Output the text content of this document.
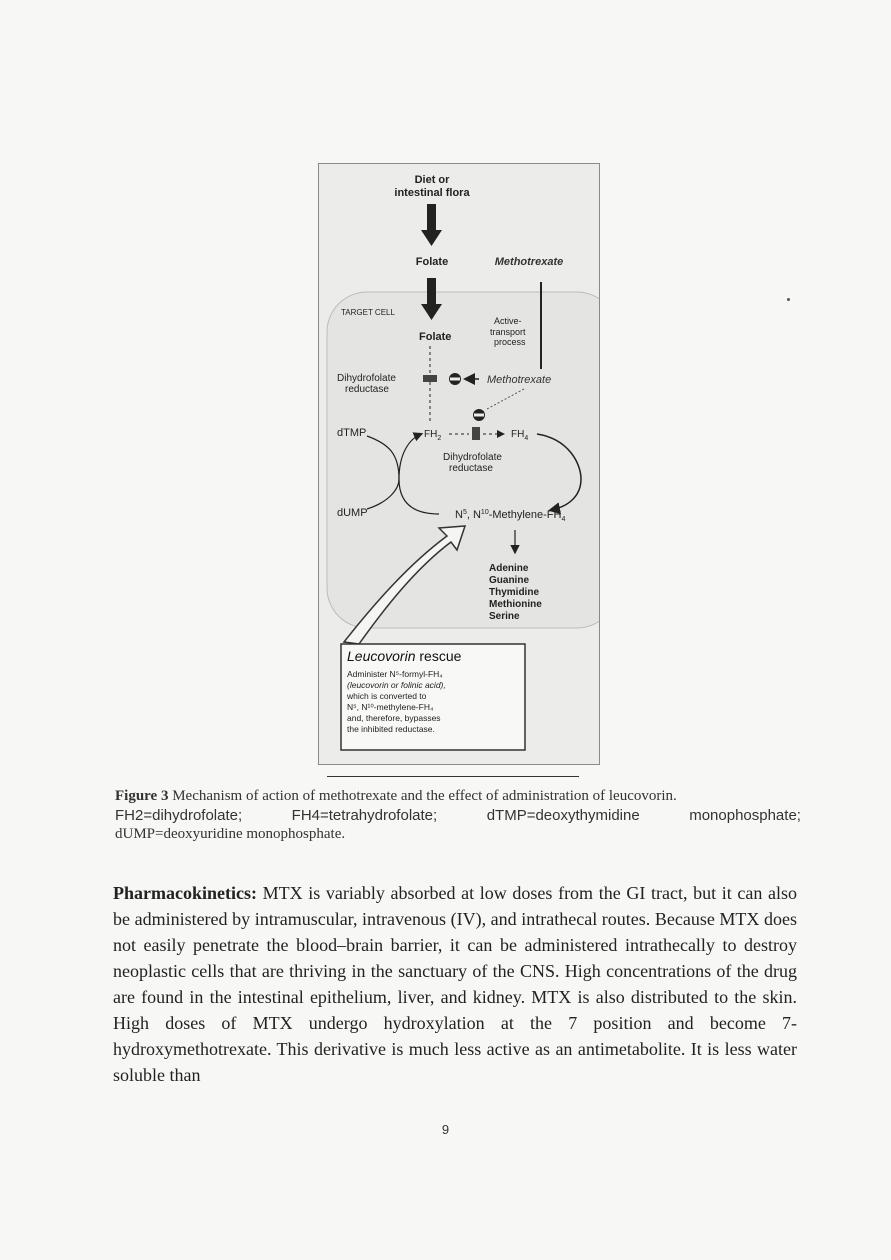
Diet or
intestinal flora
Folate	Methotrexate
TARGET CELL
Folate
Active-
transport
process
Dihydrofolate
reductase
Methotrexate
dTMP
dUMP
$FH_2$	$FH_4$
Dihydrofolate
reductase
$N^5$, $N^{10}-Methylene-FH_4$
Adenine
Guanine
Thymidine
Methionine
Serine
Leucovorin rescue
Administer N⁵-formyl-FH₄
(leucovorin or folinic acid),
which is converted to
N⁵, N¹⁰-methylene-FH₄
and, therefore, bypasses
the inhibited reductase.
Figure 3 Mechanism of action of methotrexate and the effect of administration of leucovorin.
FH2=dihydrofolate;	FH4=tetrahydrofolate;	dTMP=deoxythymidine	monophosphate;
dUMP=deoxyuridine monophosphate.
Pharmacokinetics: MTX is variably absorbed at low doses from the GI tract, but it can also be administered by intramuscular, intravenous (IV), and intrathecal routes. Because MTX does not easily penetrate the blood–brain barrier, it can be administered intrathecally to destroy neoplastic cells that are thriving in the sanctuary of the CNS. High concentrations of the drug are found in the intestinal epithelium, liver, and kidney. MTX is also distributed to the skin. High doses of MTX undergo hydroxylation at the 7 position and become 7-hydroxymethotrexate. This derivative is much less active as an antimetabolite. It is less water soluble than
9
